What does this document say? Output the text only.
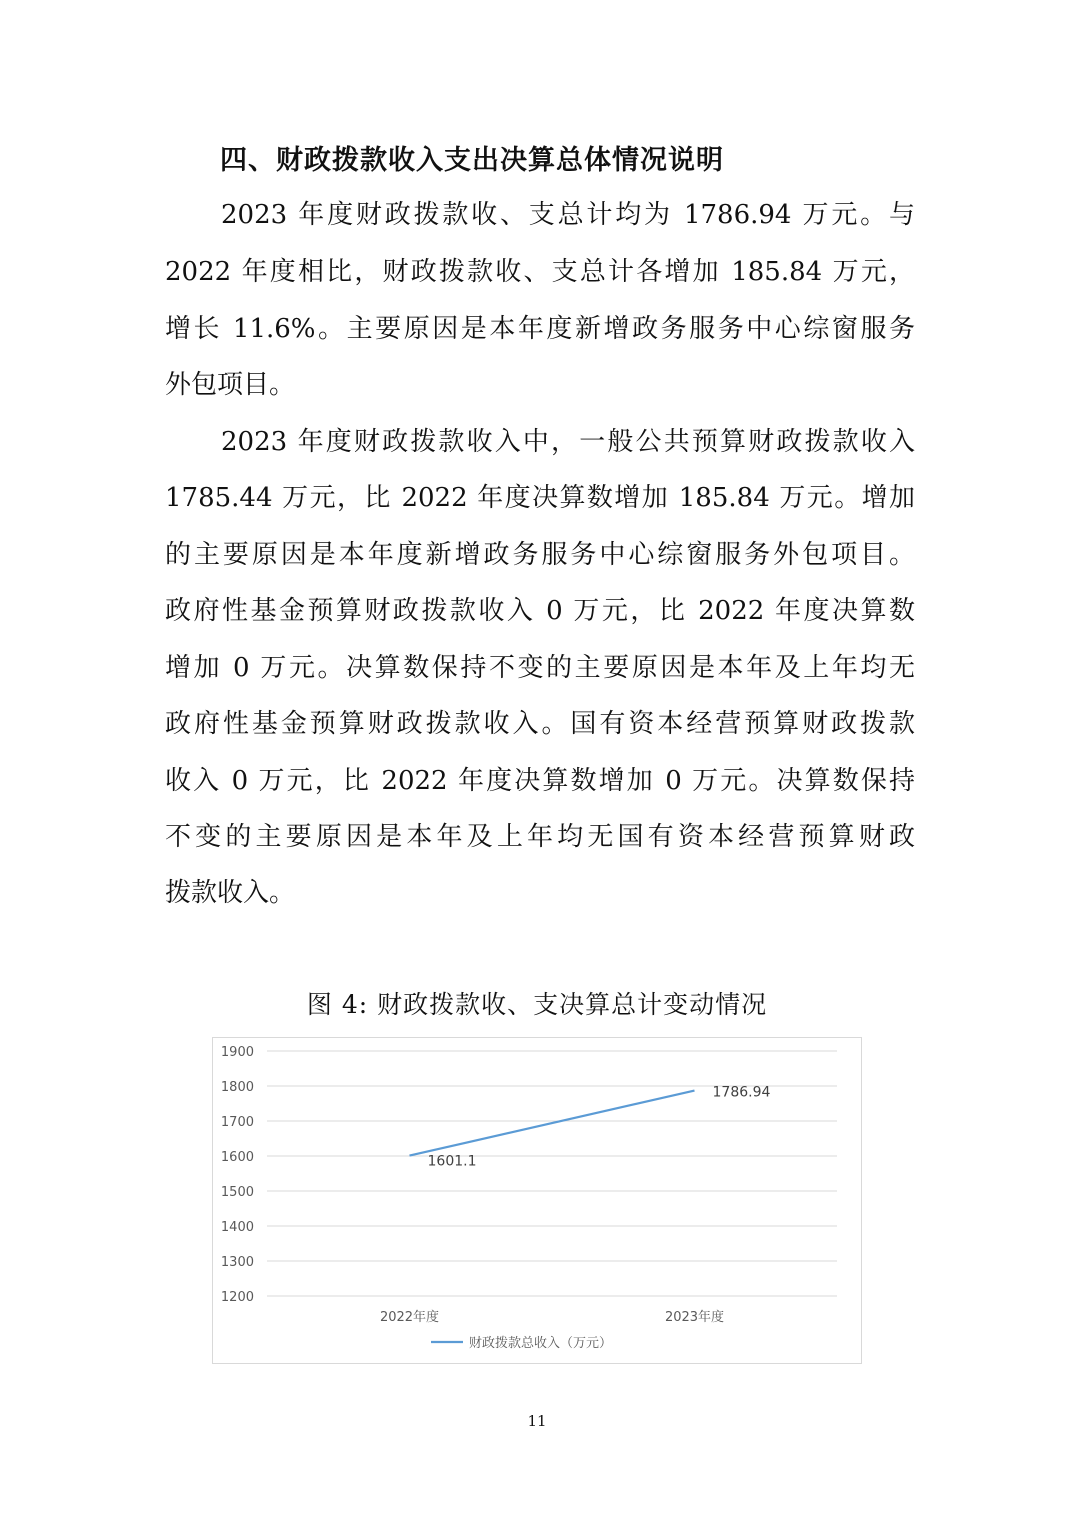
四、财政拨款收入支出决算总体情况说明
2023 年度财政拨款收、支总计均为 1786.94 万元。与
2022 年度相比，财政拨款收、支总计各增加 185.84 万元，
增长 11.6%。主要原因是本年度新增政务服务中心综窗服务
外包项目。
2023 年度财政拨款收入中，一般公共预算财政拨款收入
1785.44 万元，比 2022 年度决算数增加 185.84 万元。增加
的主要原因是本年度新增政务服务中心综窗服务外包项目。
政府性基金预算财政拨款收入 0 万元，比 2022 年度决算数
增加 0 万元。决算数保持不变的主要原因是本年及上年均无
政府性基金预算财政拨款收入。国有资本经营预算财政拨款
收入 0 万元，比 2022 年度决算数增加 0 万元。决算数保持
不变的主要原因是本年及上年均无国有资本经营预算财政
拨款收入。
图 4: 财政拨款收、支决算总计变动情况
1200
1300
1400
1500
1600
1700
1800
1900
2022年度	2023年度
1601.1
1786.94
财政拨款总收入（万元）
11
